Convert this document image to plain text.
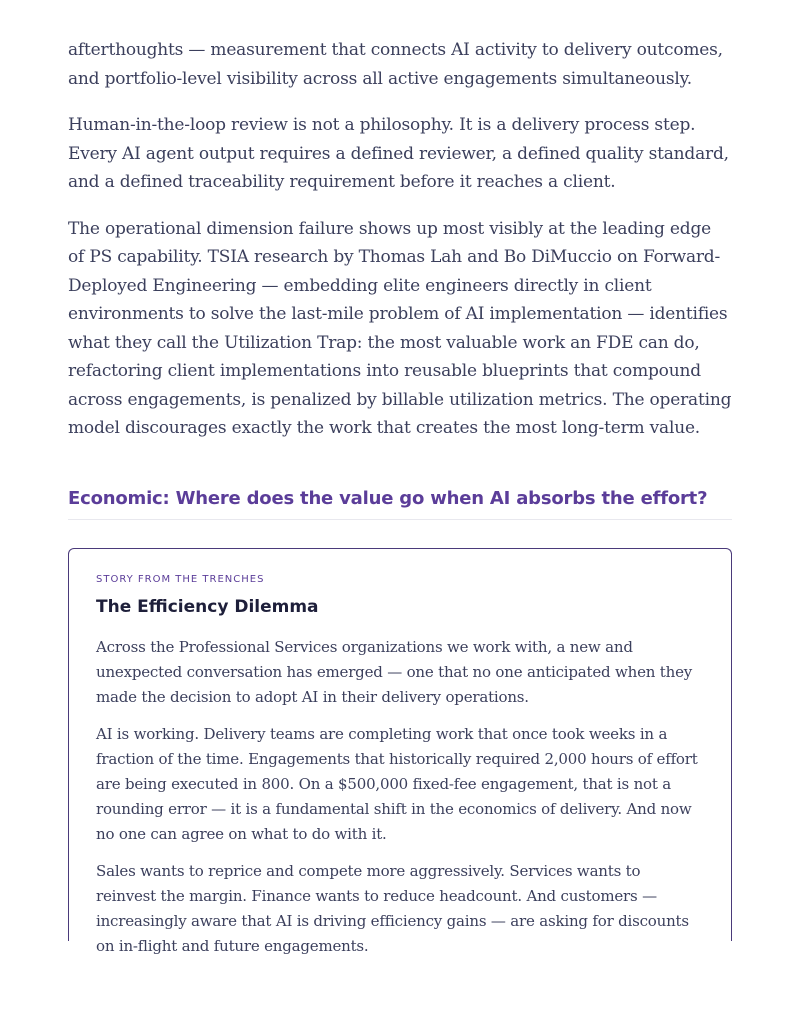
afterthoughts — measurement that connects AI activity to delivery outcomes, and portfolio-level visibility across all active engagements simultaneously.

Human-in-the-loop review is not a philosophy. It is a delivery process step. Every AI agent output requires a defined reviewer, a defined quality standard, and a defined traceability requirement before it reaches a client.

The operational dimension failure shows up most visibly at the leading edge of PS capability. TSIA research by Thomas Lah and Bo DiMuccio on Forward-Deployed Engineering — embedding elite engineers directly in client environments to solve the last-mile problem of AI implementation — identifies what they call the Utilization Trap: the most valuable work an FDE can do, refactoring client implementations into reusable blueprints that compound across engagements, is penalized by billable utilization metrics. The operating model discourages exactly the work that creates the most long-term value.

Economic: Where does the value go when AI absorbs the effort?
STORY FROM THE TRENCHES
The Efficiency Dilemma

Across the Professional Services organizations we work with, a new and unexpected conversation has emerged — one that no one anticipated when they made the decision to adopt AI in their delivery operations.

AI is working. Delivery teams are completing work that once took weeks in a fraction of the time. Engagements that historically required 2,000 hours of effort are being executed in 800. On a $500,000 fixed-fee engagement, that is not a rounding error — it is a fundamental shift in the economics of delivery. And now no one can agree on what to do with it.

Sales wants to reprice and compete more aggressively. Services wants to reinvest the margin. Finance wants to reduce headcount. And customers — increasingly aware that AI is driving efficiency gains — are asking for discounts on in-flight and future engagements.
